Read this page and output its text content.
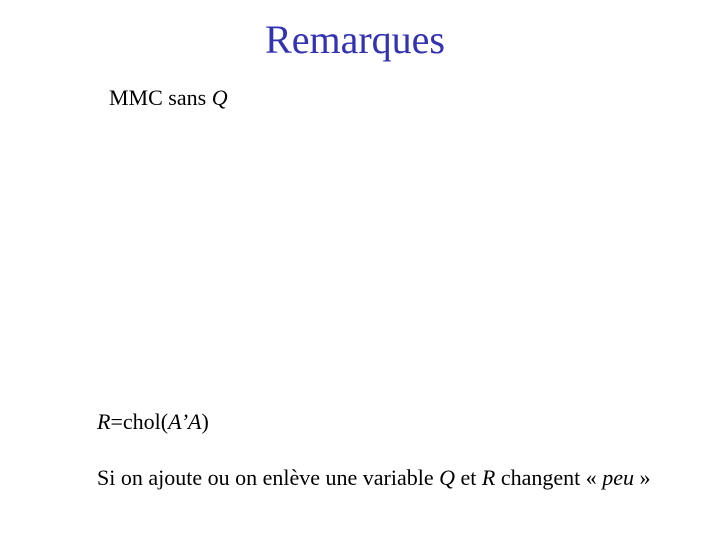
Remarques
MMC sans Q
R=chol(A’A)
Si on ajoute ou on enlève une variable Q et R changent « peu »
